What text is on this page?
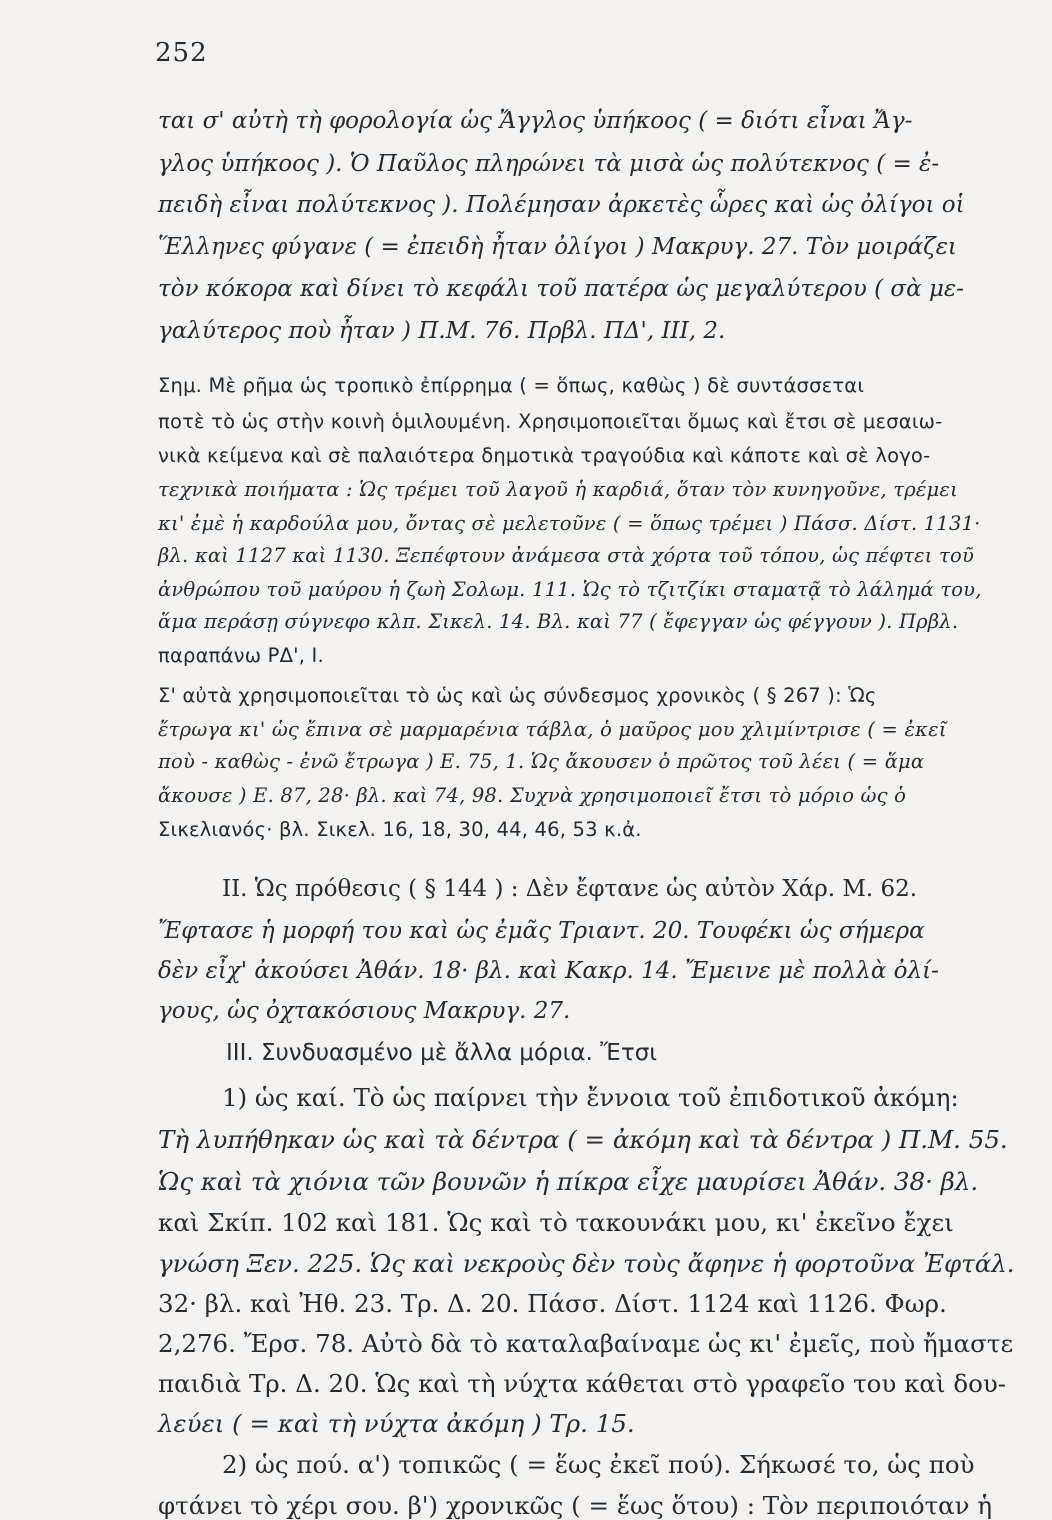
252
ται σ' αὐτὴ τὴ φορολογία ὡς Ἄγγλος ὑπήκοος ( = διότι εἶναι Ἄγ-
γλος ὑπήκοος ). Ὁ Παῦλος πληρώνει τὰ μισὰ ὡς πολύτεκνος ( = ἐ-
πειδὴ εἶναι πολύτεκνος ). Πολέμησαν ἀρκετὲς ὧρες καὶ ὡς ὀλίγοι οἱ
Ἕλληνες φύγανε ( = ἐπειδὴ ἦταν ὀλίγοι ) Μακρυγ. 27. Τὸν μοιράζει
τὸν κόκορα καὶ δίνει τὸ κεφάλι τοῦ πατέρα ὡς μεγαλύτερου ( σὰ με-
γαλύτερος ποὺ ἦταν ) Π.Μ. 76. Πρβλ. ΠΔ', ΙΙΙ, 2.
Σημ. Μὲ ρῆμα ὡς τροπικὸ ἐπίρρημα ( = ὅπως, καθὼς ) δὲ συντάσσεται
ποτὲ τὸ ὡς στὴν κοινὴ ὁμιλουμένη. Χρησιμοποιεῖται ὅμως καὶ ἔτσι σὲ μεσαιω-
νικὰ κείμενα καὶ σὲ παλαιότερα δημοτικὰ τραγούδια καὶ κάποτε καὶ σὲ λογο-
τεχνικὰ ποιήματα : Ὡς τρέμει τοῦ λαγοῦ ἡ καρδιά, ὅταν τὸν κυνηγοῦνε, τρέμει
κι' ἐμὲ ἡ καρδούλα μου, ὄντας σὲ μελετοῦνε ( = ὅπως τρέμει ) Πάσσ. Δίστ. 1131·
βλ. καὶ 1127 καὶ 1130. Ξεπέφτουν ἀνάμεσα στὰ χόρτα τοῦ τόπου, ὡς πέφτει τοῦ
ἀνθρώπου τοῦ μαύρου ἡ ζωὴ Σολωμ. 111. Ὡς τὸ τζιτζίκι σταματᾷ τὸ λάλημά του,
ἅμα περάσῃ σύγνεφο κλπ. Σικελ. 14. Βλ. καὶ 77 ( ἔφεγγαν ὡς φέγγουν ). Πρβλ.
παραπάνω ΡΔ', Ι.
Σ' αὐτὰ χρησιμοποιεῖται τὸ ὡς καὶ ὡς σύνδεσμος χρονικὸς ( § 267 ): Ὡς
ἔτρωγα κι' ὡς ἔπινα σὲ μαρμαρένια τάβλα, ὁ μαῦρος μου χλιμίντρισε ( = ἐκεῖ
ποὺ - καθὼς - ἐνῶ ἔτρωγα ) Ε. 75, 1. Ὡς ἄκουσεν ὁ πρῶτος τοῦ λέει ( = ἅμα
ἄκουσε ) Ε. 87, 28· βλ. καὶ 74, 98. Συχνὰ χρησιμοποιεῖ ἔτσι τὸ μόριο ὡς ὁ
Σικελιανός· βλ. Σικελ. 16, 18, 30, 44, 46, 53 κ.ἀ.
ΙΙ. Ὡς πρόθεσις ( § 144 ) : Δὲν ἔφτανε ὡς αὐτὸν Χάρ. Μ. 62.
Ἔφτασε ἡ μορφή του καὶ ὡς ἐμᾶς Τριαντ. 20. Τουφέκι ὡς σήμερα
δὲν εἶχ' ἀκούσει Ἀθάν. 18· βλ. καὶ Κακρ. 14. Ἔμεινε μὲ πολλὰ ὀλί-
γους, ὡς ὀχτακόσιους Μακρυγ. 27.
ΙΙΙ. Συνδυασμένο μὲ ἄλλα μόρια. Ἔτσι
1) ὡς καί. Τὸ ὡς παίρνει τὴν ἔννοια τοῦ ἐπιδοτικοῦ ἀκόμη:
Τὴ λυπήθηκαν ὡς καὶ τὰ δέντρα ( = ἀκόμη καὶ τὰ δέντρα ) Π.Μ. 55.
Ὡς καὶ τὰ χιόνια τῶν βουνῶν ἡ πίκρα εἶχε μαυρίσει Ἀθάν. 38· βλ.
καὶ Σκίπ. 102 καὶ 181. Ὡς καὶ τὸ τακουνάκι μου, κι' ἐκεῖνο ἔχει
γνώση Ξεν. 225. Ὡς καὶ νεκροὺς δὲν τοὺς ἄφηνε ἡ φορτοῦνα Ἐφτάλ.
32· βλ. καὶ Ἠθ. 23. Τρ. Δ. 20. Πάσσ. Δίστ. 1124 καὶ 1126. Φωρ.
2,276. Ἔρσ. 78. Αὐτὸ δὰ τὸ καταλαβαίναμε ὡς κι' ἐμεῖς, ποὺ ἤμαστε
παιδιὰ Τρ. Δ. 20. Ὡς καὶ τὴ νύχτα κάθεται στὸ γραφεῖο του καὶ δου-
λεύει ( = καὶ τὴ νύχτα ἀκόμη ) Τρ. 15.
2) ὡς πού. α') τοπικῶς ( = ἕως ἐκεῖ πού). Σήκωσέ το, ὡς ποὺ
φτάνει τὸ χέρι σου. β') χρονικῶς ( = ἕως ὅτου) : Τὸν περιποιόταν ἡ
